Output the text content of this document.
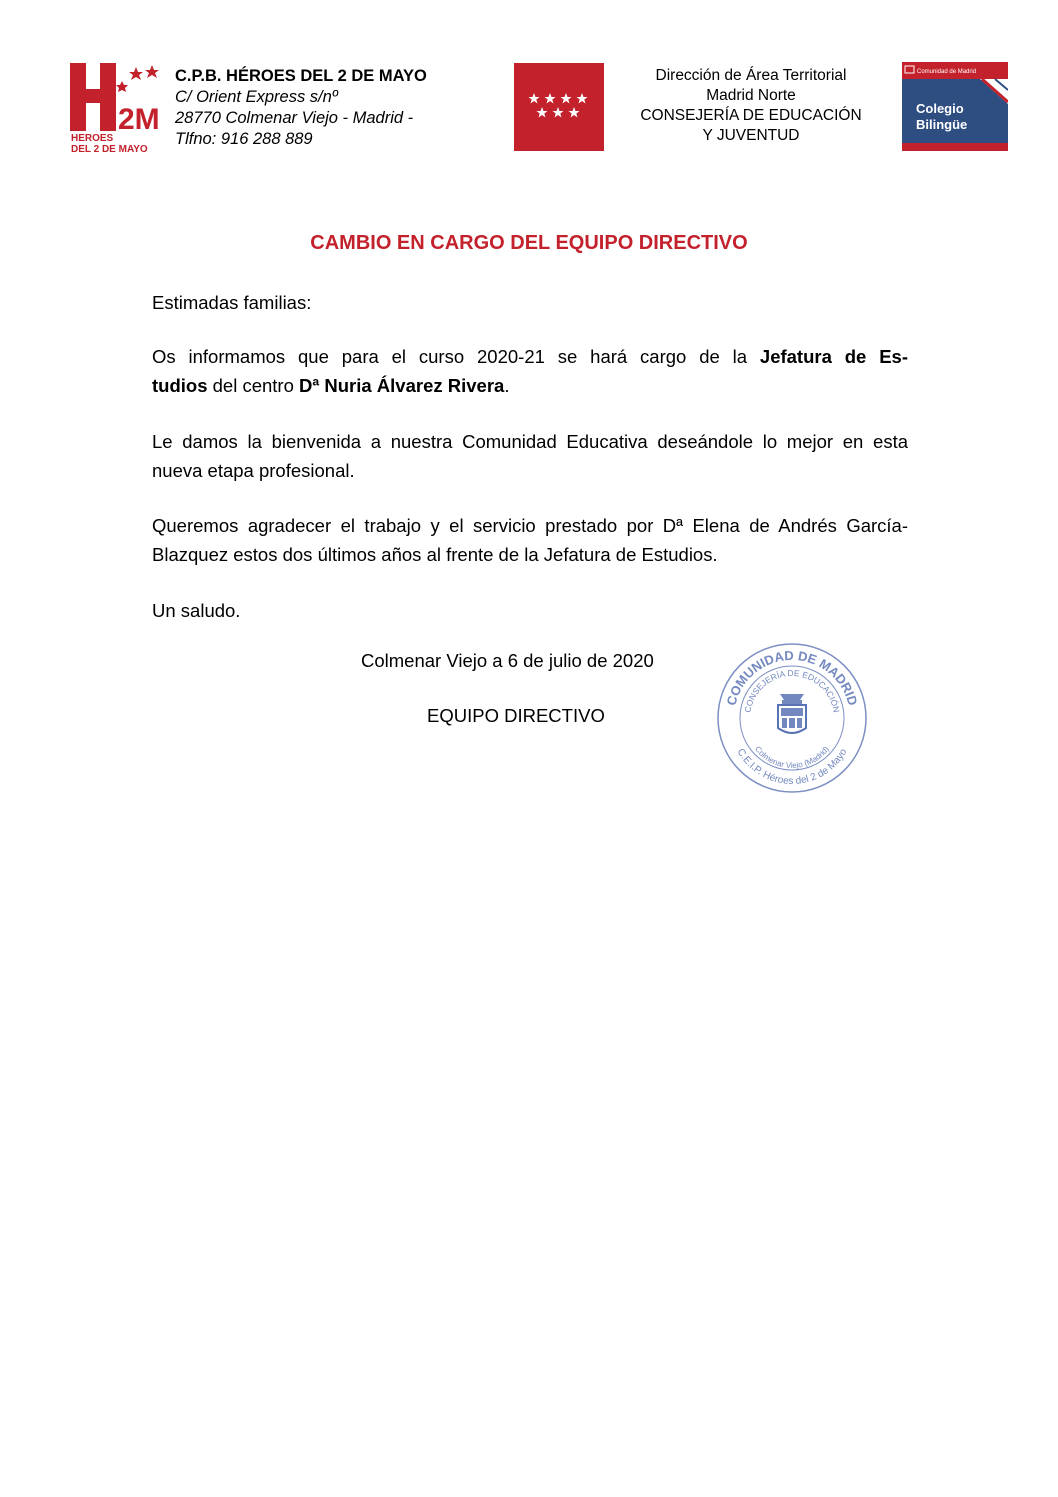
2M
HEROES
DEL 2 DE MAYO
C.P.B. HÉROES DEL 2 DE MAYO
C/ Orient Express s/nº
28770 Colmenar Viejo - Madrid -
Tlfno: 916 288 889
Dirección de Área Territorial
Madrid Norte
CONSEJERÍA DE EDUCACIÓN
Y JUVENTUD
Comunidad de Madrid
Colegio
Bilingüe
CAMBIO EN CARGO DEL EQUIPO DIRECTIVO

Estimadas familias:

Os informamos que para el curso 2020-21 se hará cargo de la Jefatura de Es-

tudios del centro Dª Nuria Álvarez Rivera.

Le damos la bienvenida a nuestra Comunidad Educativa deseándole lo mejor en esta nueva etapa profesional.

Queremos agradecer el trabajo y el servicio prestado por Dª Elena de Andrés García-Blazquez estos dos últimos años al frente de la Jefatura de Estudios.

Un saludo.

Colmenar Viejo a 6 de julio de 2020
EQUIPO DIRECTIVO
COMUNIDAD DE MADRID
CONSEJERÍA DE EDUCACIÓN
Colmenar Viejo (Madrid)
C.E.I.P. Héroes del 2 de Mayo
